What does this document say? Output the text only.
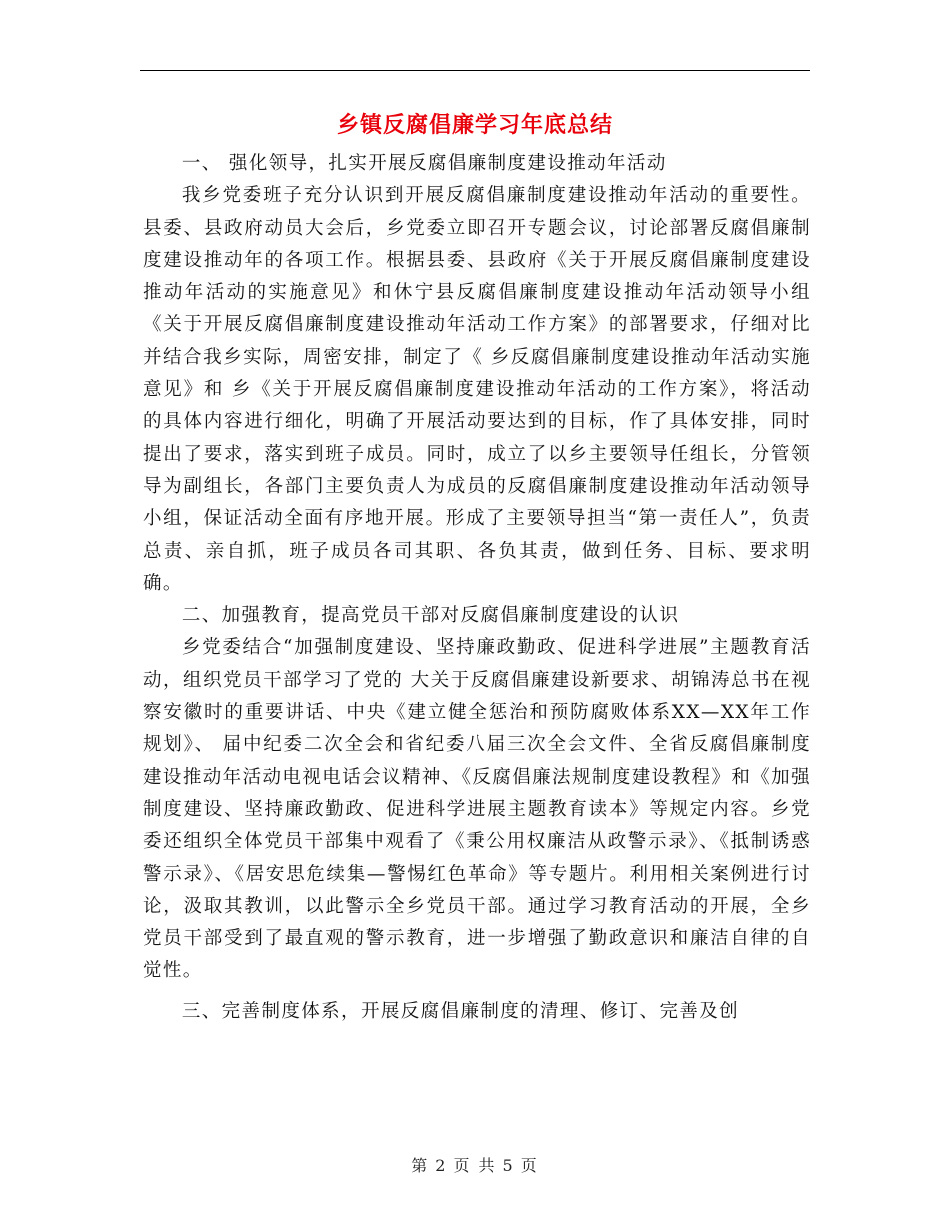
乡镇反腐倡廉学习年底总结

一、 强化领导，扎实开展反腐倡廉制度建设推动年活动

我乡党委班子充分认识到开展反腐倡廉制度建设推动年活动的重要性。县委、县政府动员大会后，乡党委立即召开专题会议，讨论部署反腐倡廉制度建设推动年的各项工作。根据县委、县政府《关于开展反腐倡廉制度建设推动年活动的实施意见》和休宁县反腐倡廉制度建设推动年活动领导小组《关于开展反腐倡廉制度建设推动年活动工作方案》的部署要求，仔细对比并结合我乡实际，周密安排，制定了《 乡反腐倡廉制度建设推动年活动实施意见》和 乡《关于开展反腐倡廉制度建设推动年活动的工作方案》，将活动的具体内容进行细化，明确了开展活动要达到的目标，作了具体安排，同时提出了要求，落实到班子成员。同时，成立了以乡主要领导任组长，分管领导为副组长，各部门主要负责人为成员的反腐倡廉制度建设推动年活动领导小组，保证活动全面有序地开展。形成了主要领导担当“第一责任人”，负责总责、亲自抓，班子成员各司其职、各负其责，做到任务、目标、要求明确。

二、加强教育，提高党员干部对反腐倡廉制度建设的认识

乡党委结合“加强制度建设、坚持廉政勤政、促进科学进展”主题教育活动，组织党员干部学习了党的 大关于反腐倡廉建设新要求、胡锦涛总书在视察安徽时的重要讲话、中央《建立健全惩治和预防腐败体系XX—XX年工作规划》、 届中纪委二次全会和省纪委八届三次全会文件、全省反腐倡廉制度建设推动年活动电视电话会议精神、《反腐倡廉法规制度建设教程》和《加强制度建设、坚持廉政勤政、促进科学进展主题教育读本》等规定内容。乡党委还组织全体党员干部集中观看了《秉公用权廉洁从政警示录》、《抵制诱惑警示录》、《居安思危续集—警惕红色革命》等专题片。利用相关案例进行讨论，汲取其教训，以此警示全乡党员干部。通过学习教育活动的开展，全乡党员干部受到了最直观的警示教育，进一步增强了勤政意识和廉洁自律的自觉性。

三、完善制度体系，开展反腐倡廉制度的清理、修订、完善及创

第 2 页 共 5 页
